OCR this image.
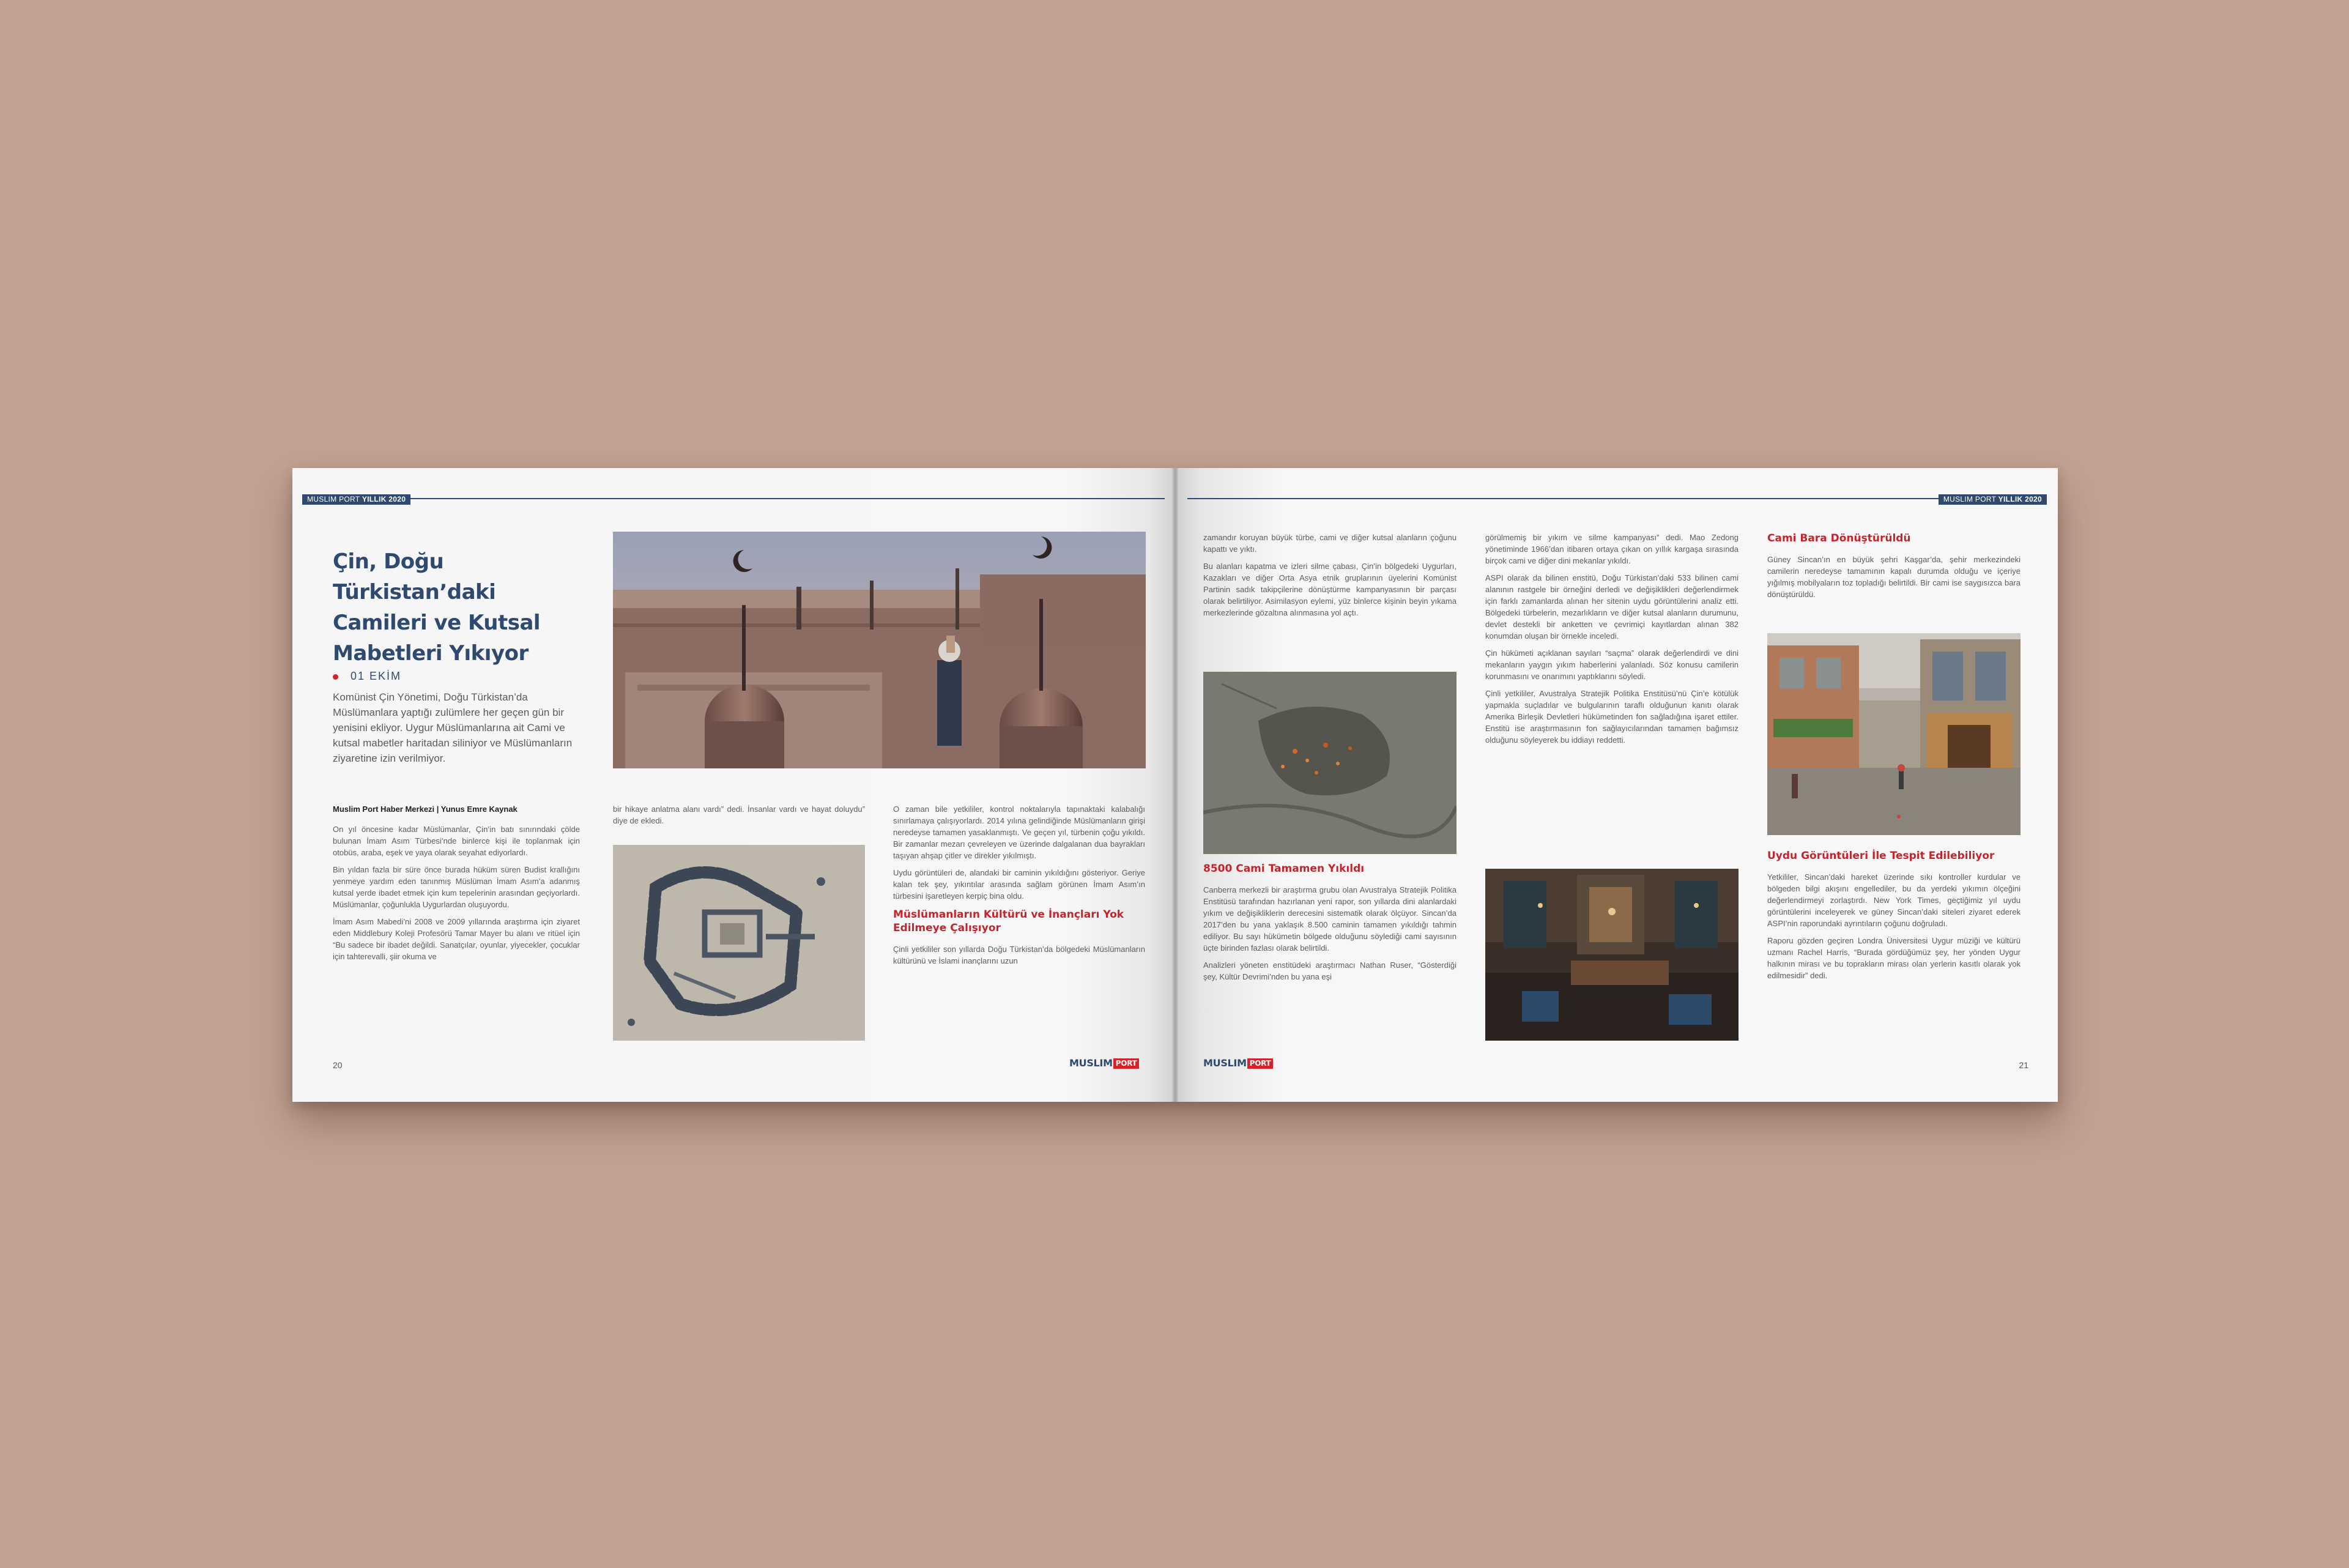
MUSLIM PORT YILLIK 2020
Çin, Doğu Türkistan’daki Camileri ve Kutsal Mabetleri Yıkıyor
01 EKİM

Komünist Çin Yönetimi, Doğu Türkistan’da Müslümanlara yaptığı zulümlere her geçen gün bir yenisini ekliyor. Uygur Müslümanlarına ait Cami ve kutsal mabetler haritadan siliniyor ve Müslümanların ziyaretine izin verilmiyor.

Muslim Port Haber Merkezi | Yunus Emre Kaynak

On yıl öncesine kadar Müslümanlar, Çin’in batı sınırındaki çölde bulunan İmam Asım Türbesi’nde binlerce kişi ile toplanmak için otobüs, araba, eşek ve yaya olarak seyahat ediyorlardı.

Bin yıldan fazla bir süre önce burada hüküm süren Budist krallığını yenmeye yardım eden tanınmış Müslüman İmam Asım’a adanmış kutsal yerde ibadet etmek için kum tepelerinin arasından geçiyorlardı. Müslümanlar, çoğunlukla Uygurlardan oluşuyordu.

İmam Asım Mabedi’ni 2008 ve 2009 yıllarında araştırma için ziyaret eden Middlebury Koleji Profesörü Tamar Mayer bu alanı ve ritüel için “Bu sadece bir ibadet değildi. Sanatçılar, oyunlar, yiyecekler, çocuklar için tahterevalli, şiir okuma ve

bir hikaye anlatma alanı vardı” dedi. İnsanlar vardı ve hayat doluydu” diye de ekledi.

O zaman bile yetkililer, kontrol noktalarıyla tapınaktaki kalabalığı sınırlamaya çalışıyorlardı. 2014 yılına gelindiğinde Müslümanların girişi neredeyse tamamen yasaklanmıştı. Ve geçen yıl, türbenin çoğu yıkıldı. Bir zamanlar mezarı çevreleyen ve üzerinde dalgalanan dua bayrakları taşıyan ahşap çitler ve direkler yıkılmıştı.

Uydu görüntüleri de, alandaki bir caminin yıkıldığını gösteriyor. Geriye kalan tek şey, yıkıntılar arasında sağlam görünen İmam Asım’ın türbesini işaretleyen kerpiç bina oldu.

Müslümanların Kültürü ve İnançları Yok Edilmeye Çalışıyor

Çinli yetkililer son yıllarda Doğu Türkistan’da bölgedeki Müslümanların kültürünü ve İslami inançlarını uzun

20	MUSLIM PORT
MUSLIM PORT YILLIK 2020

zamandır koruyan büyük türbe, cami ve diğer kutsal alanların çoğunu kapattı ve yıktı.

Bu alanları kapatma ve izleri silme çabası, Çin’in bölgedeki Uygurları, Kazakları ve diğer Orta Asya etnik gruplarının üyelerini Komünist Partinin sadık takipçilerine dönüştürme kampanyasının bir parçası olarak belirtiliyor. Asimilasyon eylemi, yüz binlerce kişinin beyin yıkama merkezlerinde gözaltına alınmasına yol açtı.

8500 Cami Tamamen Yıkıldı

Canberra merkezli bir araştırma grubu olan Avustralya Stratejik Politika Enstitüsü tarafından hazırlanan yeni rapor, son yıllarda dini alanlardaki yıkım ve değişikliklerin derecesini sistematik olarak ölçüyor. Sincan’da 2017’den bu yana yaklaşık 8.500 caminin tamamen yıkıldığı tahmin ediliyor. Bu sayı hükümetin bölgede olduğunu söylediği cami sayısının üçte birinden fazlası olarak belirtildi.

Analizleri yöneten enstitüdeki araştırmacı Nathan Ruser, “Gösterdiği şey, Kültür Devrimi’nden bu yana eşi

görülmemiş bir yıkım ve silme kampanyası” dedi. Mao Zedong yönetiminde 1966’dan itibaren ortaya çıkan on yıllık kargaşa sırasında birçok cami ve diğer dini mekanlar yıkıldı.

ASPI olarak da bilinen enstitü, Doğu Türkistan’daki 533 bilinen cami alanının rastgele bir örneğini derledi ve değişiklikleri değerlendirmek için farklı zamanlarda alınan her sitenin uydu görüntülerini analiz etti. Bölgedeki türbelerin, mezarlıkların ve diğer kutsal alanların durumunu, devlet destekli bir anketten ve çevrimiçi kayıtlardan alınan 382 konumdan oluşan bir örnekle inceledi.

Çin hükümeti açıklanan sayıları “saçma” olarak değerlendirdi ve dini mekanların yaygın yıkım haberlerini yalanladı. Söz konusu camilerin korunmasını ve onarımını yaptıklarını söyledi.

Çinli yetkililer, Avustralya Stratejik Politika Enstitüsü’nü Çin’e kötülük yapmakla suçladılar ve bulgularının taraflı olduğunun kanıtı olarak Amerika Birleşik Devletleri hükümetinden fon sağladığına işaret ettiler. Enstitü ise araştırmasının fon sağlayıcılarından tamamen bağımsız olduğunu söyleyerek bu iddiayı reddetti.

Cami Bara Dönüştürüldü

Güney Sincan’ın en büyük şehri Kaşgar’da, şehir merkezindeki camilerin neredeyse tamamının kapalı durumda olduğu ve içeriye yığılmış mobilyaların toz topladığı belirtildi. Bir cami ise saygısızca bara dönüştürüldü.

Uydu Görüntüleri İle Tespit Edilebiliyor

Yetkililer, Sincan’daki hareket üzerinde sıkı kontroller kurdular ve bölgeden bilgi akışını engellediler, bu da yerdeki yıkımın ölçeğini değerlendirmeyi zorlaştırdı. New York Times, geçtiğimiz yıl uydu görüntülerini inceleyerek ve güney Sincan’daki siteleri ziyaret ederek ASPI’nin raporundaki ayrıntıların çoğunu doğruladı.

Raporu gözden geçiren Londra Üniversitesi Uygur müziği ve kültürü uzmanı Rachel Harris, “Burada gördüğümüz şey, her yönden Uygur halkının mirası ve bu toprakların mirası olan yerlerin kasıtlı olarak yok edilmesidir” dedi.

MUSLIM PORT	21
